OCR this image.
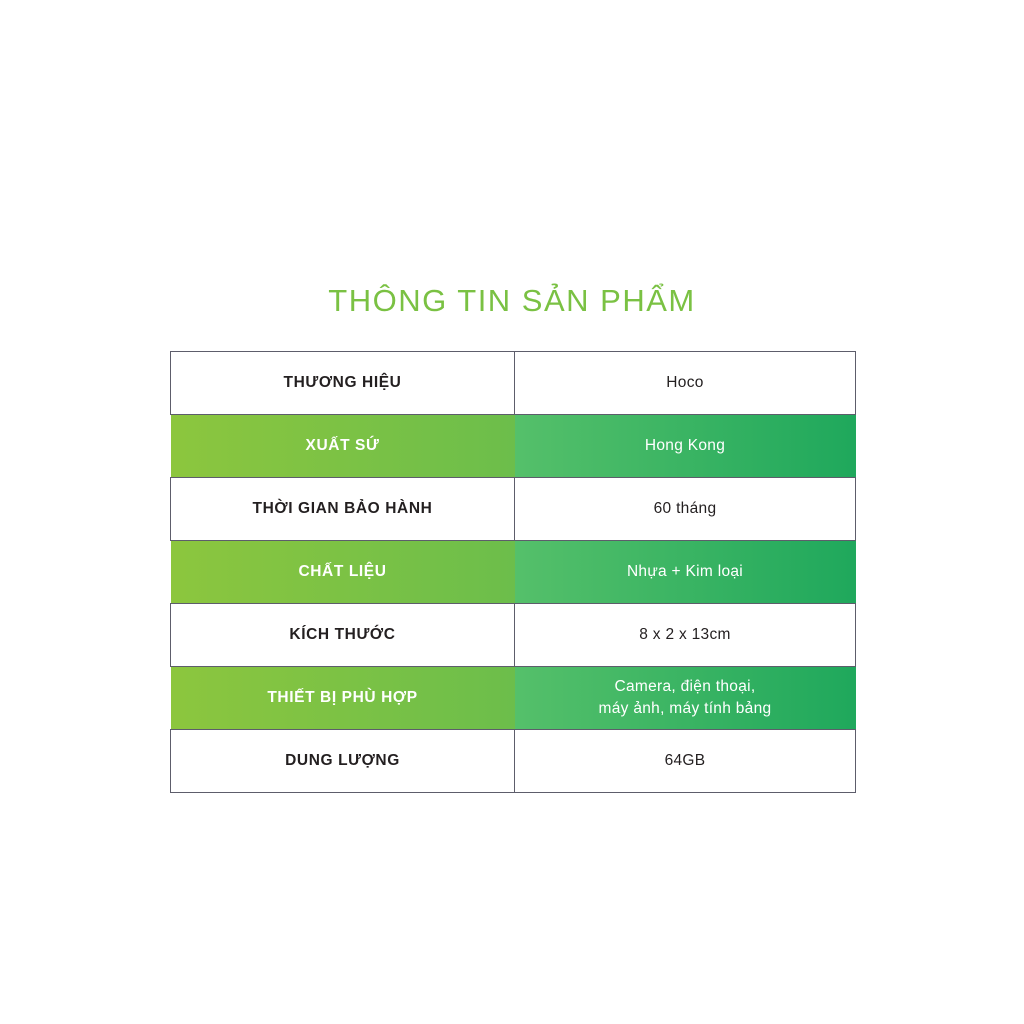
THÔNG TIN SẢN PHẨM
THƯƠNG HIỆU	Hoco
XUẤT SỨ	Hong Kong
THỜI GIAN BẢO HÀNH	60 tháng
CHẤT LIỆU	Nhựa + Kim loại
KÍCH THƯỚC	8 x 2 x 13cm
THIẾT BỊ PHÙ HỢP	Camera, điện thoại,
máy ảnh, máy tính bảng

DUNG LƯỢNG	64GB
